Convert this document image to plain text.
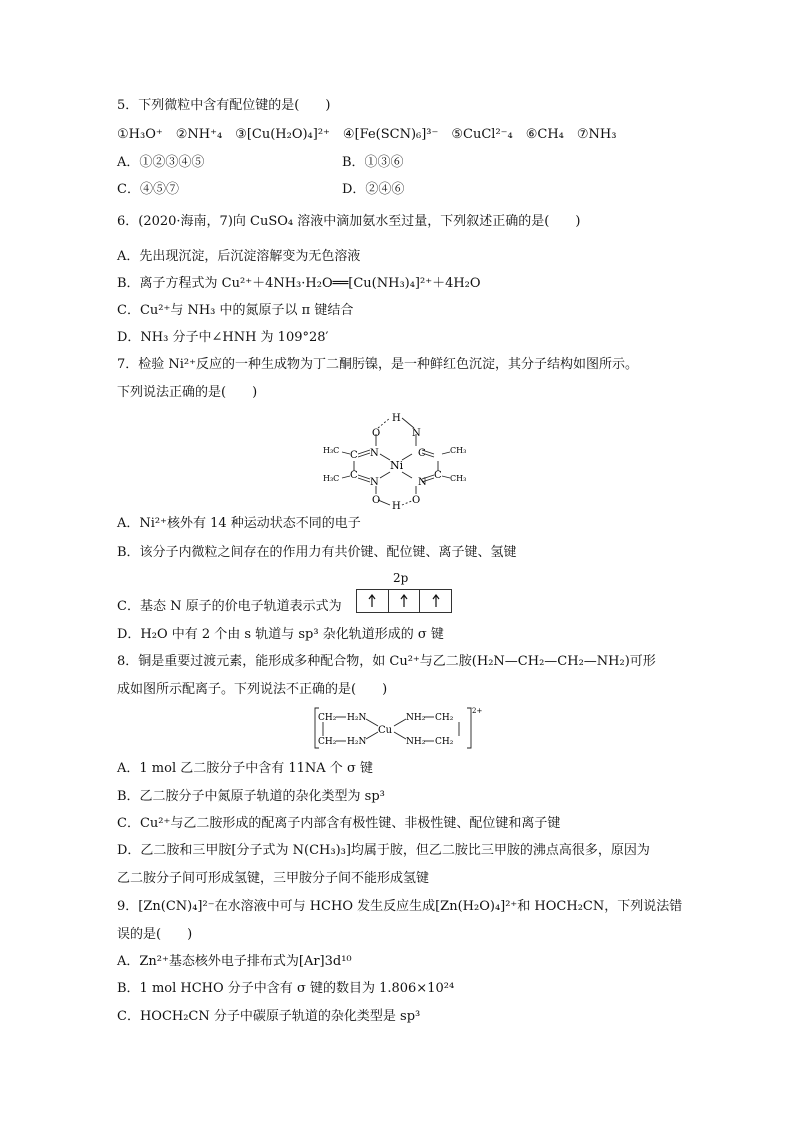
5．下列微粒中含有配位键的是(　　)
①H₃O⁺　②NH⁺₄　③[Cu(H₂O)₄]²⁺　④[Fe(SCN)₆]³⁻　⑤CuCl²⁻₄　⑥CH₄　⑦NH₃
A．①②③④⑤	B．①③⑥
C．④⑤⑦	D．②④⑥
6．(2020·海南，7)向 CuSO₄ 溶液中滴加氨水至过量，下列叙述正确的是(　　)
A．先出现沉淀，后沉淀溶解变为无色溶液
B．离子方程式为 Cu²⁺＋4NH₃·H₂O══[Cu(NH₃)₄]²⁺＋4H₂O
C．Cu²⁺与 NH₃ 中的氮原子以 π 键结合
D．NH₃ 分子中∠HNH 为 109°28′
7．检验 Ni²⁺反应的一种生成物为丁二酮肟镍，是一种鲜红色沉淀，其分子结构如图所示。
下列说法正确的是(　　)
H
O	N
N	C
C
H₃C	CH₃
Ni
C
N	N
C
H₃C	CH₃
O
H
O
A．Ni²⁺核外有 14 种运动状态不同的电子
B．该分子内微粒之间存在的作用力有共价键、配位键、离子键、氢键
2p
C．基态 N 原子的价电子轨道表示式为
D．H₂O 中有 2 个由 s 轨道与 sp³ 杂化轨道形成的 σ 键
8．铜是重要过渡元素，能形成多种配合物，如 Cu²⁺与乙二胺(H₂N—CH₂—CH₂—NH₂)可形
成如图所示配离子。下列说法不正确的是(　　)
CH₂ H₂N
CH₂ H₂N
Cu
NH₂ CH₂
NH₂ CH₂
2+
A．1 mol 乙二胺分子中含有 11NA 个 σ 键
B．乙二胺分子中氮原子轨道的杂化类型为 sp³
C．Cu²⁺与乙二胺形成的配离子内部含有极性键、非极性键、配位键和离子键
D．乙二胺和三甲胺[分子式为 N(CH₃)₃]均属于胺，但乙二胺比三甲胺的沸点高很多，原因为
乙二胺分子间可形成氢键，三甲胺分子间不能形成氢键
9．[Zn(CN)₄]²⁻在水溶液中可与 HCHO 发生反应生成[Zn(H₂O)₄]²⁺和 HOCH₂CN，下列说法错
误的是(　　)
A．Zn²⁺基态核外电子排布式为[Ar]3d¹⁰
B．1 mol HCHO 分子中含有 σ 键的数目为 1.806×10²⁴
C．HOCH₂CN 分子中碳原子轨道的杂化类型是 sp³
